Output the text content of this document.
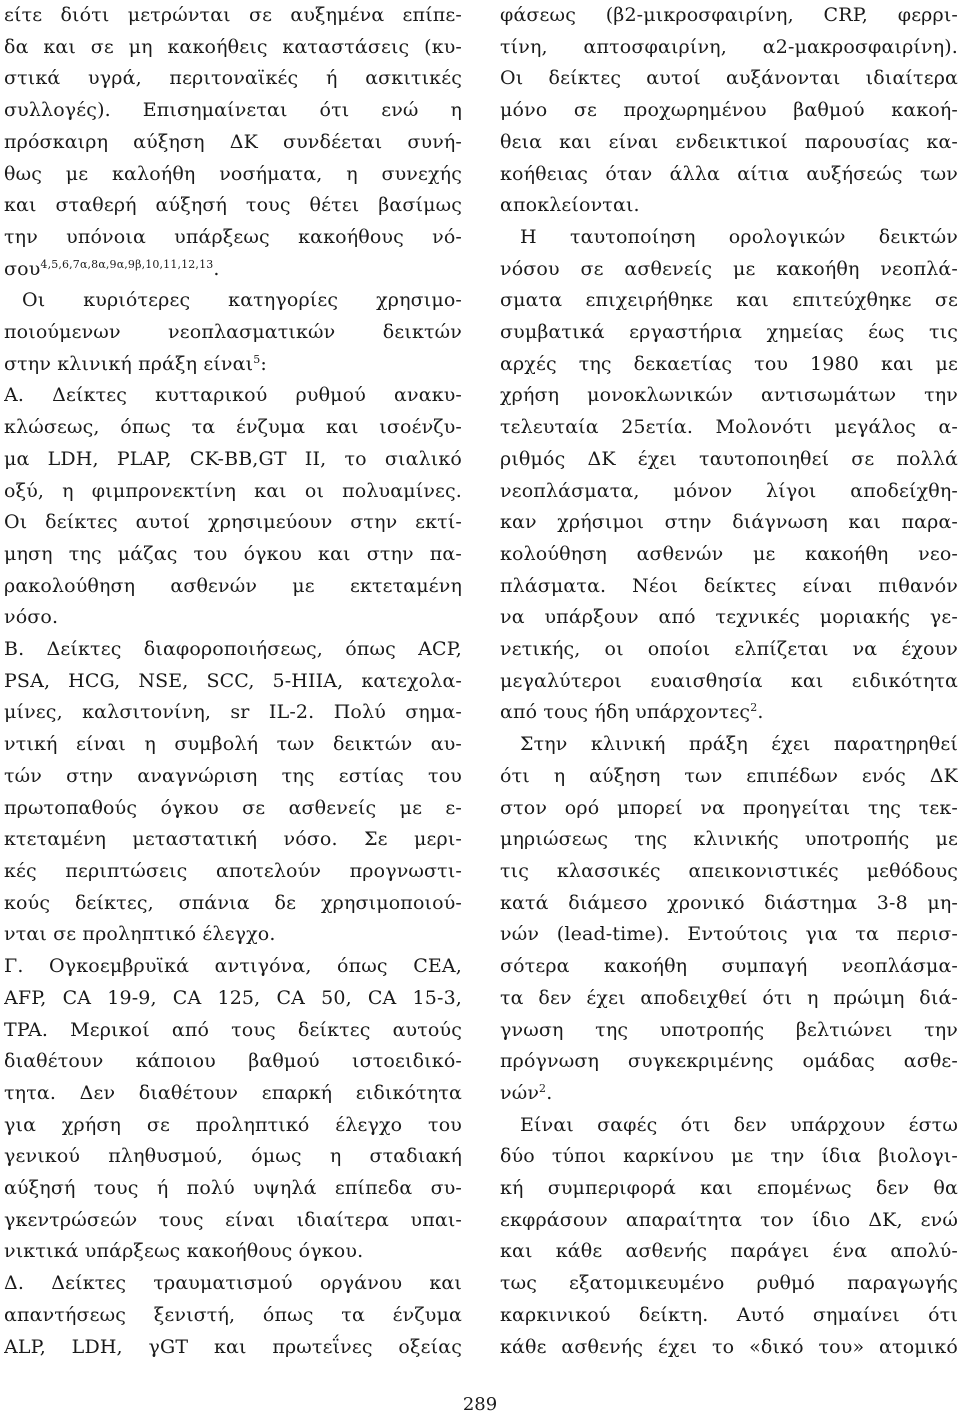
είτε διότι μετρώνται σε αυξημένα επίπε-
δα και σε μη κακοήθεις καταστάσεις (κυ-
στικά υγρά, περιτοναϊκές ή ασκιτικές
συλλογές). Επισημαίνεται ότι ενώ η
πρόσκαιρη αύξηση ΔΚ συνδέεται συνή-
θως με καλοήθη νοσήματα, η συνεχής
και σταθερή αύξησή τους θέτει βασίμως
την υπόνοια υπάρξεως κακοήθους νό-
σου$^{4,5,6,7\alpha,8\alpha,9\alpha,9\beta,10,11,12,13}$.
Οι κυριότερες κατηγορίες χρησιμο-
ποιούμενων νεοπλασματικών δεικτών
στην κλινική πράξη είναι$^5$:
Α. Δείκτες κυτταρικού ρυθμού ανακυ-
κλώσεως, όπως τα ένζυμα και ισοένζυ-
μα LDH, PLAP, CK-BB,GT II, το σιαλικό
οξύ, η φιμπρονεκτίνη και οι πολυαμίνες.
Οι δείκτες αυτοί χρησιμεύουν στην εκτί-
μηση της μάζας του όγκου και στην πα-
ρακολούθηση ασθενών με εκτεταμένη
νόσο.
Β. Δείκτες διαφοροποιήσεως, όπως ACP,
PSA, HCG, NSE, SCC, 5-HIIA, κατεχολα-
μίνες, καλσιτονίνη, sr IL-2. Πολύ σημα-
ντική είναι η συμβολή των δεικτών αυ-
τών στην αναγνώριση της εστίας του
πρωτοπαθούς όγκου σε ασθενείς με ε-
κτεταμένη μεταστατική νόσο. Σε μερι-
κές περιπτώσεις αποτελούν προγνωστι-
κούς δείκτες, σπάνια δε χρησιμοποιού-
νται σε προληπτικό έλεγχο.
Γ. Ογκοεμβρυϊκά αντιγόνα, όπως CEA,
AFP, CA 19-9, CA 125, CA 50, CA 15-3,
TPA. Μερικοί από τους δείκτες αυτούς
διαθέτουν κάποιου βαθμού ιστοειδικό-
τητα. Δεν διαθέτουν επαρκή ειδικότητα
για χρήση σε προληπτικό έλεγχο του
γενικού πληθυσμού, όμως η σταδιακή
αύξησή τους ή πολύ υψηλά επίπεδα συ-
γκεντρώσεών τους είναι ιδιαίτερα υπαι-
νικτικά υπάρξεως κακοήθους όγκου.
Δ. Δείκτες τραυματισμού οργάνου και
απαντήσεως ξενιστή, όπως τα ένζυμα
ALP, LDH, γGT και πρωτεΐνες οξείας
φάσεως (β2-μικροσφαιρίνη, CRP, φερρι-
τίνη, απτοσφαιρίνη, α2-μακροσφαιρίνη).
Οι δείκτες αυτοί αυξάνονται ιδιαίτερα
μόνο σε προχωρημένου βαθμού κακοή-
θεια και είναι ενδεικτικοί παρουσίας κα-
κοήθειας όταν άλλα αίτια αυξήσεώς των
αποκλείονται.
Η ταυτοποίηση ορολογικών δεικτών
νόσου σε ασθενείς με κακοήθη νεοπλά-
σματα επιχειρήθηκε και επιτεύχθηκε σε
συμβατικά εργαστήρια χημείας έως τις
αρχές της δεκαετίας του 1980 και με
χρήση μονοκλωνικών αντισωμάτων την
τελευταία 25ετία. Μολονότι μεγάλος α-
ριθμός ΔΚ έχει ταυτοποιηθεί σε πολλά
νεοπλάσματα, μόνον λίγοι αποδείχθη-
καν χρήσιμοι στην διάγνωση και παρα-
κολούθηση ασθενών με κακοήθη νεο-
πλάσματα. Νέοι δείκτες είναι πιθανόν
να υπάρξουν από τεχνικές μοριακής γε-
νετικής, οι οποίοι ελπίζεται να έχουν
μεγαλύτεροι ευαισθησία και ειδικότητα
από τους ήδη υπάρχοντες$^2$.
Στην κλινική πράξη έχει παρατηρηθεί
ότι η αύξηση των επιπέδων ενός ΔΚ
στον ορό μπορεί να προηγείται της τεκ-
μηριώσεως της κλινικής υποτροπής με
τις κλασσικές απεικονιστικές μεθόδους
κατά διάμεσο χρονικό διάστημα 3-8 μη-
νών (lead-time). Εντούτοις για τα περισ-
σότερα κακοήθη συμπαγή νεοπλάσμα-
τα δεν έχει αποδειχθεί ότι η πρώιμη διά-
γνωση της υποτροπής βελτιώνει την
πρόγνωση συγκεκριμένης ομάδας ασθε-
νών$^2$.
Είναι σαφές ότι δεν υπάρχουν έστω
δύο τύποι καρκίνου με την ίδια βιολογι-
κή συμπεριφορά και επομένως δεν θα
εκφράσουν απαραίτητα τον ίδιο ΔΚ, ενώ
και κάθε ασθενής παράγει ένα απολύ-
τως εξατομικευμένο ρυθμό παραγωγής
καρκινικού δείκτη. Αυτό σημαίνει ότι
κάθε ασθενής έχει το «δικό του» ατομικό
289
